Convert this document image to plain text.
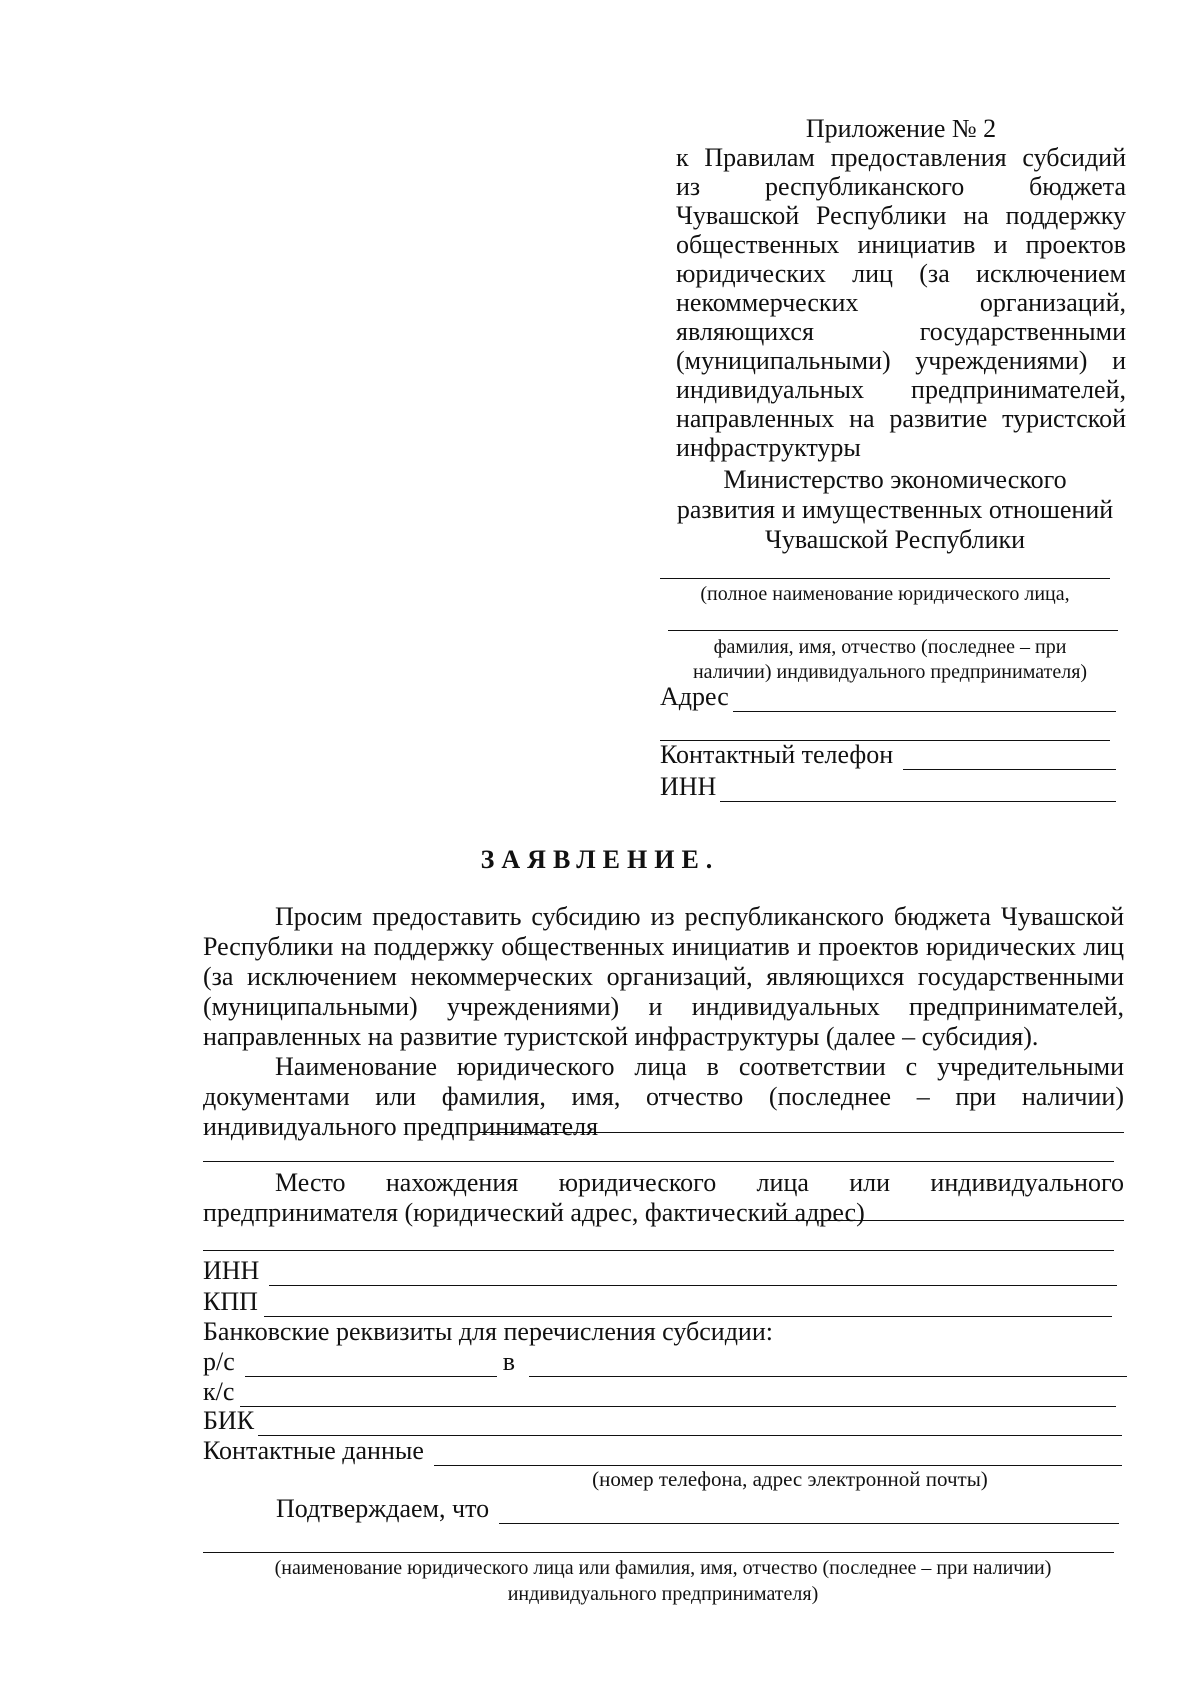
Приложение № 2
к Правилам предоставления субсидий из республиканского бюджета Чувашской Республики на поддержку общественных инициатив и проектов юридических лиц (за исключением некоммерческих организаций, являющихся государственными (муниципальными) учреждениями) и индивидуальных предпринимателей, направленных на развитие туристской инфраструктуры
Министерство экономического
развития и имущественных отношений
Чувашской Республики
(полное наименование юридического лица,
фамилия, имя, отчество (последнее – при
наличии) индивидуального предпринимателя)
Адрес
Контактный телефон
ИНН
ЗАЯВЛЕНИЕ.
Просим предоставить субсидию из республиканского бюджета Чувашской Республики на поддержку общественных инициатив и проектов юридических лиц (за исключением некоммерческих организаций, являющихся государственными (муниципальными) учреждениями) и индивидуальных предпринимателей, направленных на развитие туристской инфраструктуры (далее – субсидия).
Наименование юридического лица в соответствии с учредительными документами или фамилия, имя, отчество (последнее – при наличии) индивидуального предпринимателя
Место нахождения юридического лица или индивидуального предпринимателя (юридический адрес, фактический адрес)
ИНН
КПП
Банковские реквизиты для перечисления субсидии:
р/с	в
к/с
БИК
Контактные данные
(номер телефона, адрес электронной почты)
Подтверждаем, что
(наименование юридического лица или фамилия, имя, отчество (последнее – при наличии)
индивидуального предпринимателя)
